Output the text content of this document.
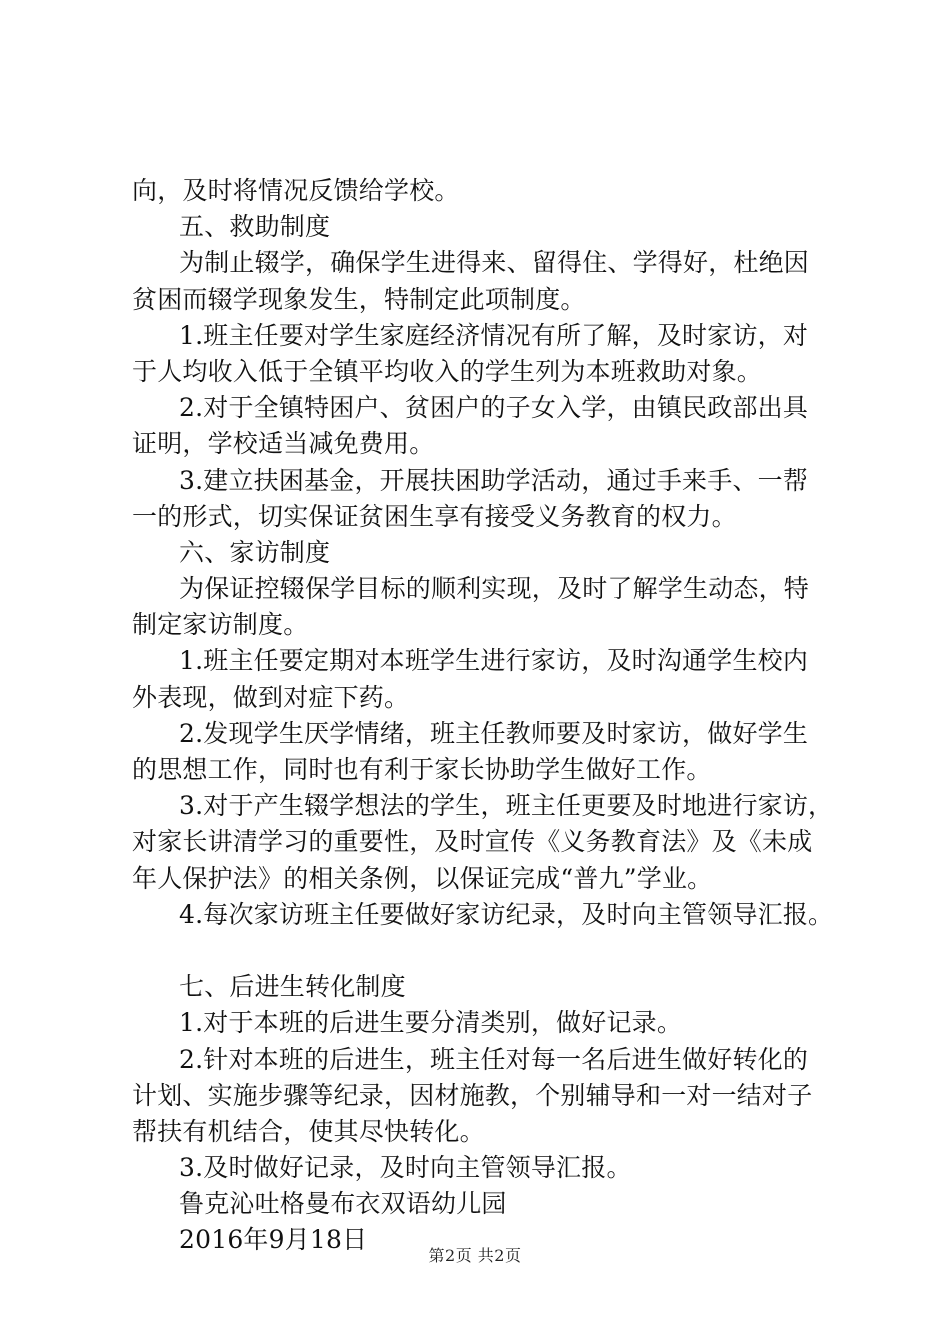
向，及时将情况反馈给学校。
五、救助制度
为制止辍学，确保学生进得来、留得住、学得好，杜绝因
贫困而辍学现象发生，特制定此项制度。
1.班主任要对学生家庭经济情况有所了解，及时家访，对
于人均收入低于全镇平均收入的学生列为本班救助对象。
2.对于全镇特困户、贫困户的子女入学，由镇民政部出具
证明，学校适当减免费用。
3.建立扶困基金，开展扶困助学活动，通过手来手、一帮
一的形式，切实保证贫困生享有接受义务教育的权力。
六、家访制度
为保证控辍保学目标的顺利实现，及时了解学生动态，特
制定家访制度。
1.班主任要定期对本班学生进行家访，及时沟通学生校内
外表现，做到对症下药。
2.发现学生厌学情绪，班主任教师要及时家访，做好学生
的思想工作，同时也有利于家长协助学生做好工作。
3.对于产生辍学想法的学生，班主任更要及时地进行家访，
对家长讲清学习的重要性，及时宣传《义务教育法》及《未成
年人保护法》的相关条例，以保证完成“普九”学业。
4.每次家访班主任要做好家访纪录，及时向主管领导汇报。
七、后进生转化制度
1.对于本班的后进生要分清类别，做好记录。
2.针对本班的后进生，班主任对每一名后进生做好转化的
计划、实施步骤等纪录，因材施教，个别辅导和一对一结对子
帮扶有机结合，使其尽快转化。
3.及时做好记录，及时向主管领导汇报。
鲁克沁吐格曼布衣双语幼儿园
2016年9月18日
第2页 共2页
